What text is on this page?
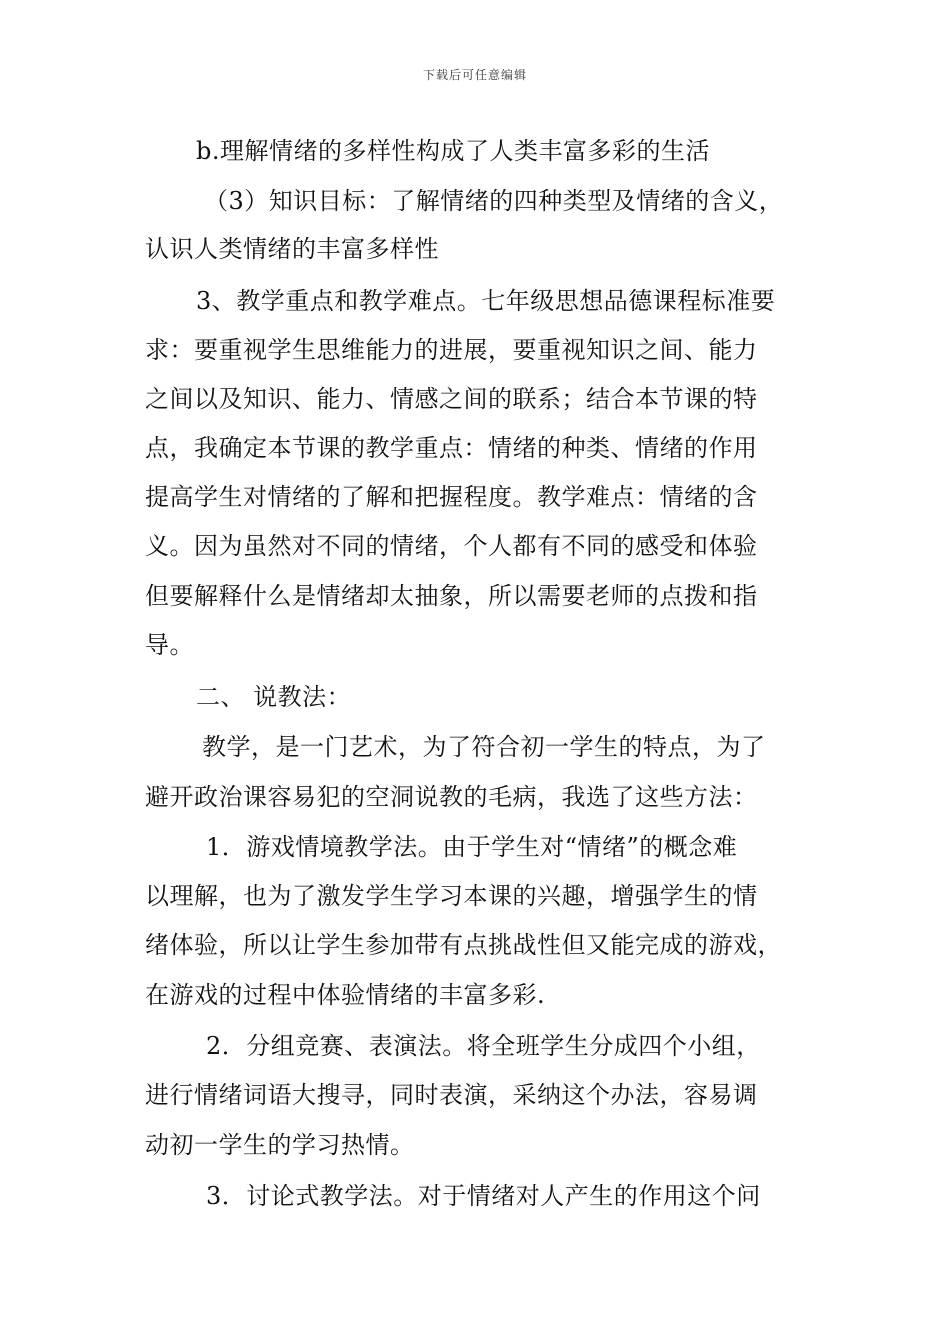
下载后可任意编辑
b.理解情绪的多样性构成了人类丰富多彩的生活
（3）知识目标：了解情绪的四种类型及情绪的含义，
认识人类情绪的丰富多样性
3、教学重点和教学难点。七年级思想品德课程标准要
求：要重视学生思维能力的进展，要重视知识之间、能力
之间以及知识、能力、情感之间的联系；结合本节课的特
点，我确定本节课的教学重点：情绪的种类、情绪的作用
提高学生对情绪的了解和把握程度。教学难点：情绪的含
义。因为虽然对不同的情绪，个人都有不同的感受和体验
但要解释什么是情绪却太抽象，所以需要老师的点拨和指
导。
二、 说教法：
教学，是一门艺术，为了符合初一学生的特点，为了
避开政治课容易犯的空洞说教的毛病，我选了这些方法：
1．游戏情境教学法。由于学生对“情绪”的概念难
以理解，也为了激发学生学习本课的兴趣，增强学生的情
绪体验，所以让学生参加带有点挑战性但又能完成的游戏，
在游戏的过程中体验情绪的丰富多彩.
2．分组竞赛、表演法。将全班学生分成四个小组，
进行情绪词语大搜寻，同时表演，采纳这个办法，容易调
动初一学生的学习热情。
3．讨论式教学法。对于情绪对人产生的作用这个问
